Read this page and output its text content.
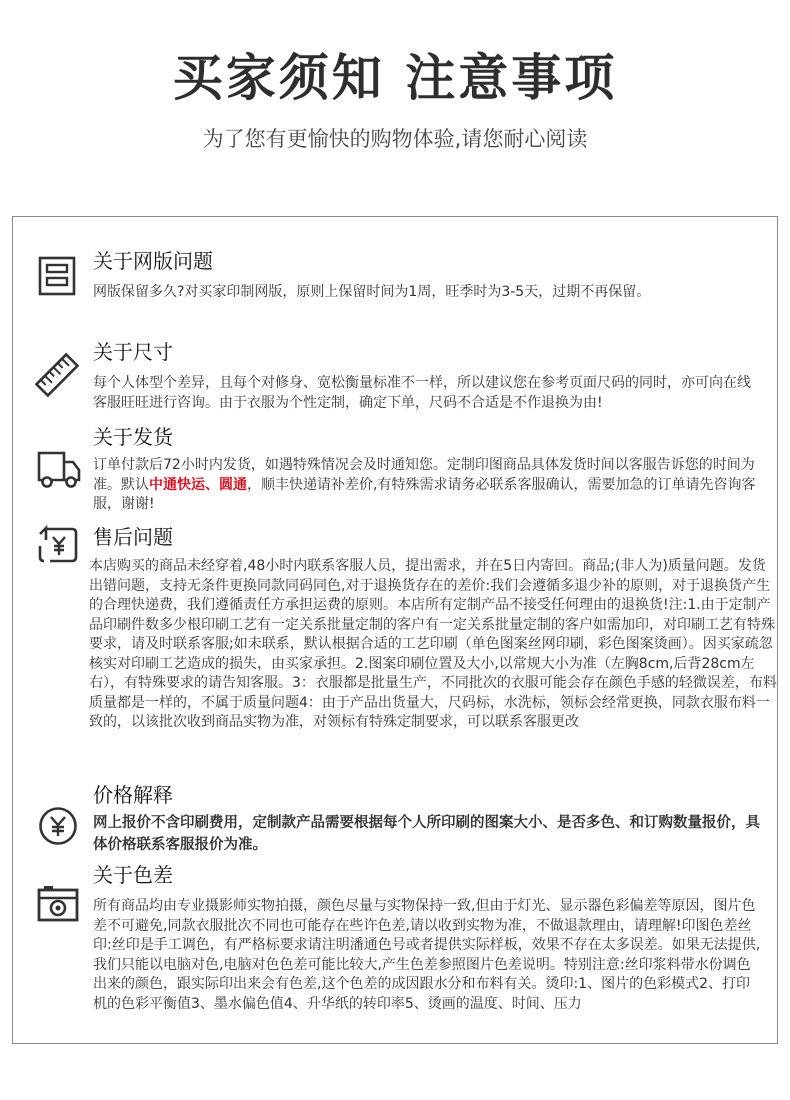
买家须知 注意事项
为了您有更愉快的购物体验,请您耐心阅读
关于网版问题
网版保留多久?对买家印制网版，原则上保留时间为1周，旺季时为3-5天，过期不再保留。
关于尺寸
每个人体型个差异，且每个对修身、宽松衡量标准不一样，所以建议您在参考页面尺码的同时，亦可向在线客服旺旺进行咨询。由于衣服为个性定制，确定下单，尺码不合适是不作退换为由!
关于发货
订单付款后72小时内发货，如遇特殊情况会及时通知您。定制印图商品具体发货时间以客服告诉您的时间为准。默认中通快运、圆通，顺丰快递请补差价,有特殊需求请务必联系客服确认，需要加急的订单请先咨询客服，谢谢!
售后问题
本店购买的商品未经穿着,48小时内联系客服人员，提出需求，并在5日内寄回。商品;(非人为)质量问题。发货出错问题，支持无条件更换同款同码同色,对于退换货存在的差价:我们会遵循多退少补的原则，对于退换货产生的合理快递费，我们遵循责任方承担运费的原则。本店所有定制产品不接受任何理由的退换货!注:1.由于定制产品印刷件数多少根印刷工艺有一定关系批量定制的客户有一定关系批量定制的客户如需加印，对印刷工艺有特殊要求，请及时联系客服;如未联系，默认根据合适的工艺印刷（单色图案丝网印刷，彩色图案烫画）。因买家疏忽核实对印刷工艺造成的损失，由买家承担。2.图案印刷位置及大小,以常规大小为准（左胸8cm,后背28cm左右），有特殊要求的请告知客服。3：衣服都是批量生产，不同批次的衣服可能会存在颜色手感的轻微误差，布料质量都是一样的，不属于质量问题4：由于产品出货量大，尺码标，水洗标，领标会经常更换，同款衣服布料一致的，以该批次收到商品实物为准，对领标有特殊定制要求，可以联系客服更改
价格解释
网上报价不含印刷费用，定制款产品需要根据每个人所印刷的图案大小、是否多色、和订购数量报价，具体价格联系客服报价为准。
关于色差
所有商品均由专业摄影师实物拍摄，颜色尽量与实物保持一致,但由于灯光、显示器色彩偏差等原因，图片色差不可避免,同款衣服批次不同也可能存在些许色差,请以收到实物为准，不做退款理由，请理解!印图色差丝印:丝印是手工调色，有严格标要求请注明潘通色号或者提供实际样板，效果不存在太多误差。如果无法提供,我们只能以电脑对色,电脑对色色差可能比较大,产生色差参照图片色差说明。特别注意:丝印浆料带水份调色出来的颜色，跟实际印出来会有色差,这个色差的成因跟水分和布料有关。烫印:1、图片的色彩模式2、打印机的色彩平衡值3、墨水偏色值4、升华纸的转印率5、烫画的温度、时间、压力
